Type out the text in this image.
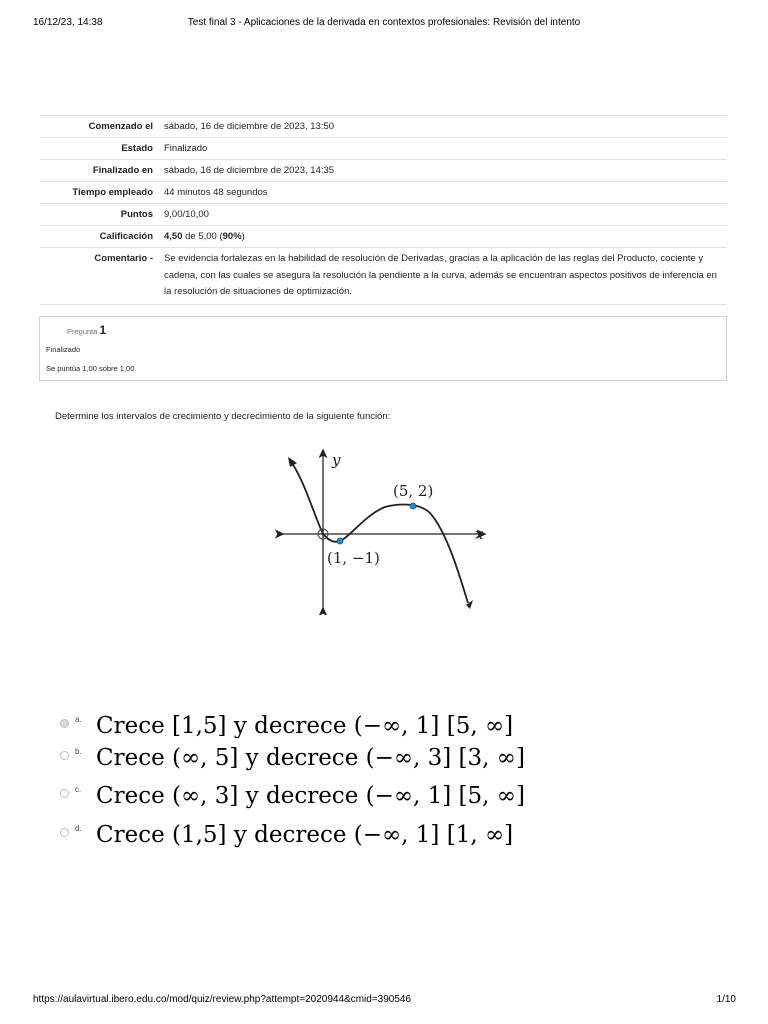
16/12/23, 14:38	Test final 3 - Aplicaciones de la derivada en contextos profesionales: Revisión del intento
Comenzado el	sábado, 16 de diciembre de 2023, 13:50
Estado	Finalizado
Finalizado en	sábado, 16 de diciembre de 2023, 14:35
Tiempo empleado	44 minutos 48 segundos
Puntos	9,00/10,00
Calificación	4,50 de 5,00 (90%)
Comentario -	Se evidencia fortalezas en la habilidad de resolución de Derivadas, gracias a la aplicación de las reglas del Producto, cociente y cadena, con las cuales se asegura la resolución la pendiente a la curva, además se encuentran aspectos positivos de inferencia en la resolución de situaciones de optimización.
Pregunta 1
Finalizado
Se puntúa 1,00 sobre 1,00
Determine los intervalos de crecimiento y decrecimiento de la siguiente función:
y
x
(1, −1)
(5, 2)
a. Crece [1,5] y decrece (−∞, 1] [5, ∞]
b. Crece (∞, 5] y decrece (−∞, 3] [3, ∞]
c. Crece (∞, 3] y decrece (−∞, 1] [5, ∞]
d. Crece (1,5] y decrece (−∞, 1] [1, ∞]
https://aulavirtual.ibero.edu.co/mod/quiz/review.php?attempt=2020944&cmid=390546	1/10
